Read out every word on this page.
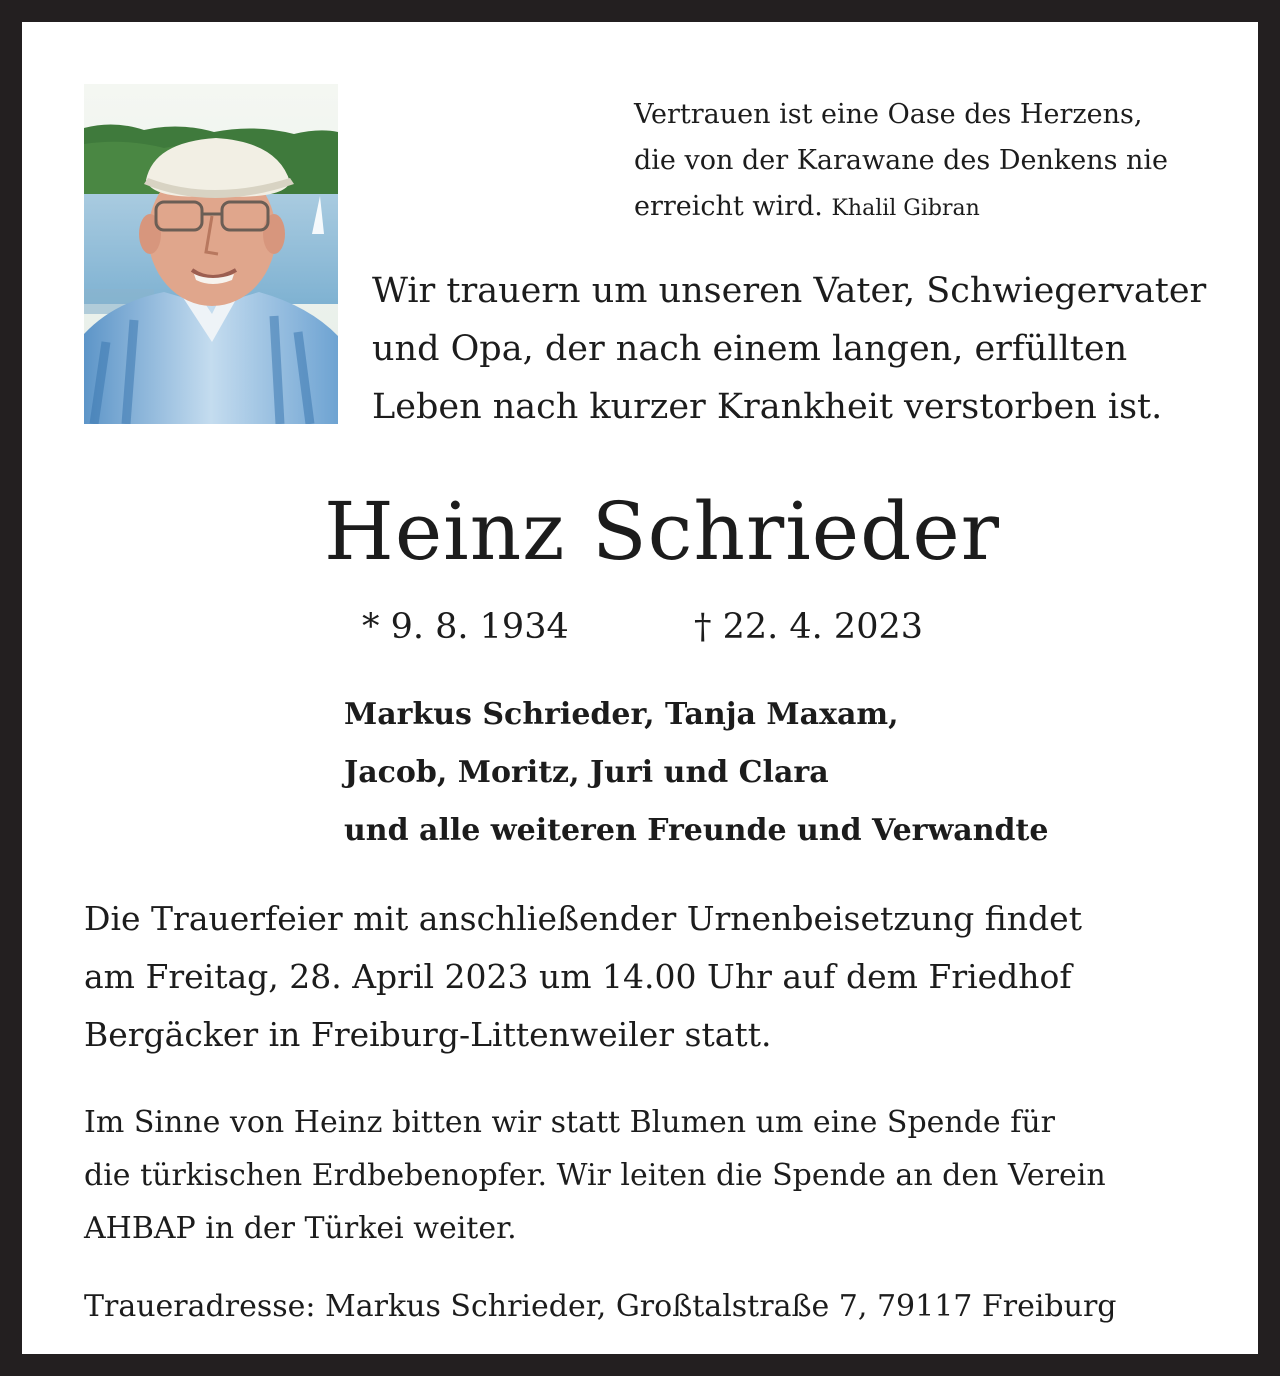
Vertrauen ist eine Oase des Herzens,
die von der Karawane des Denkens nie
erreicht wird. Khalil Gibran
Wir trauern um unseren Vater, Schwiegervater
und Opa, der nach einem langen, erfüllten
Leben nach kurzer Krankheit verstorben ist.
Heinz Schrieder
* 9. 8. 1934	† 22. 4. 2023
Markus Schrieder, Tanja Maxam,
Jacob, Moritz, Juri und Clara
und alle weiteren Freunde und Verwandte
Die Trauerfeier mit anschließender Urnenbeisetzung findet
am Freitag, 28. April 2023 um 14.00 Uhr auf dem Friedhof
Bergäcker in Freiburg-Littenweiler statt.
Im Sinne von Heinz bitten wir statt Blumen um eine Spende für
die türkischen Erdbebenopfer. Wir leiten die Spende an den Verein
AHBAP in der Türkei weiter.
Traueradresse: Markus Schrieder, Großtalstraße 7, 79117 Freiburg
